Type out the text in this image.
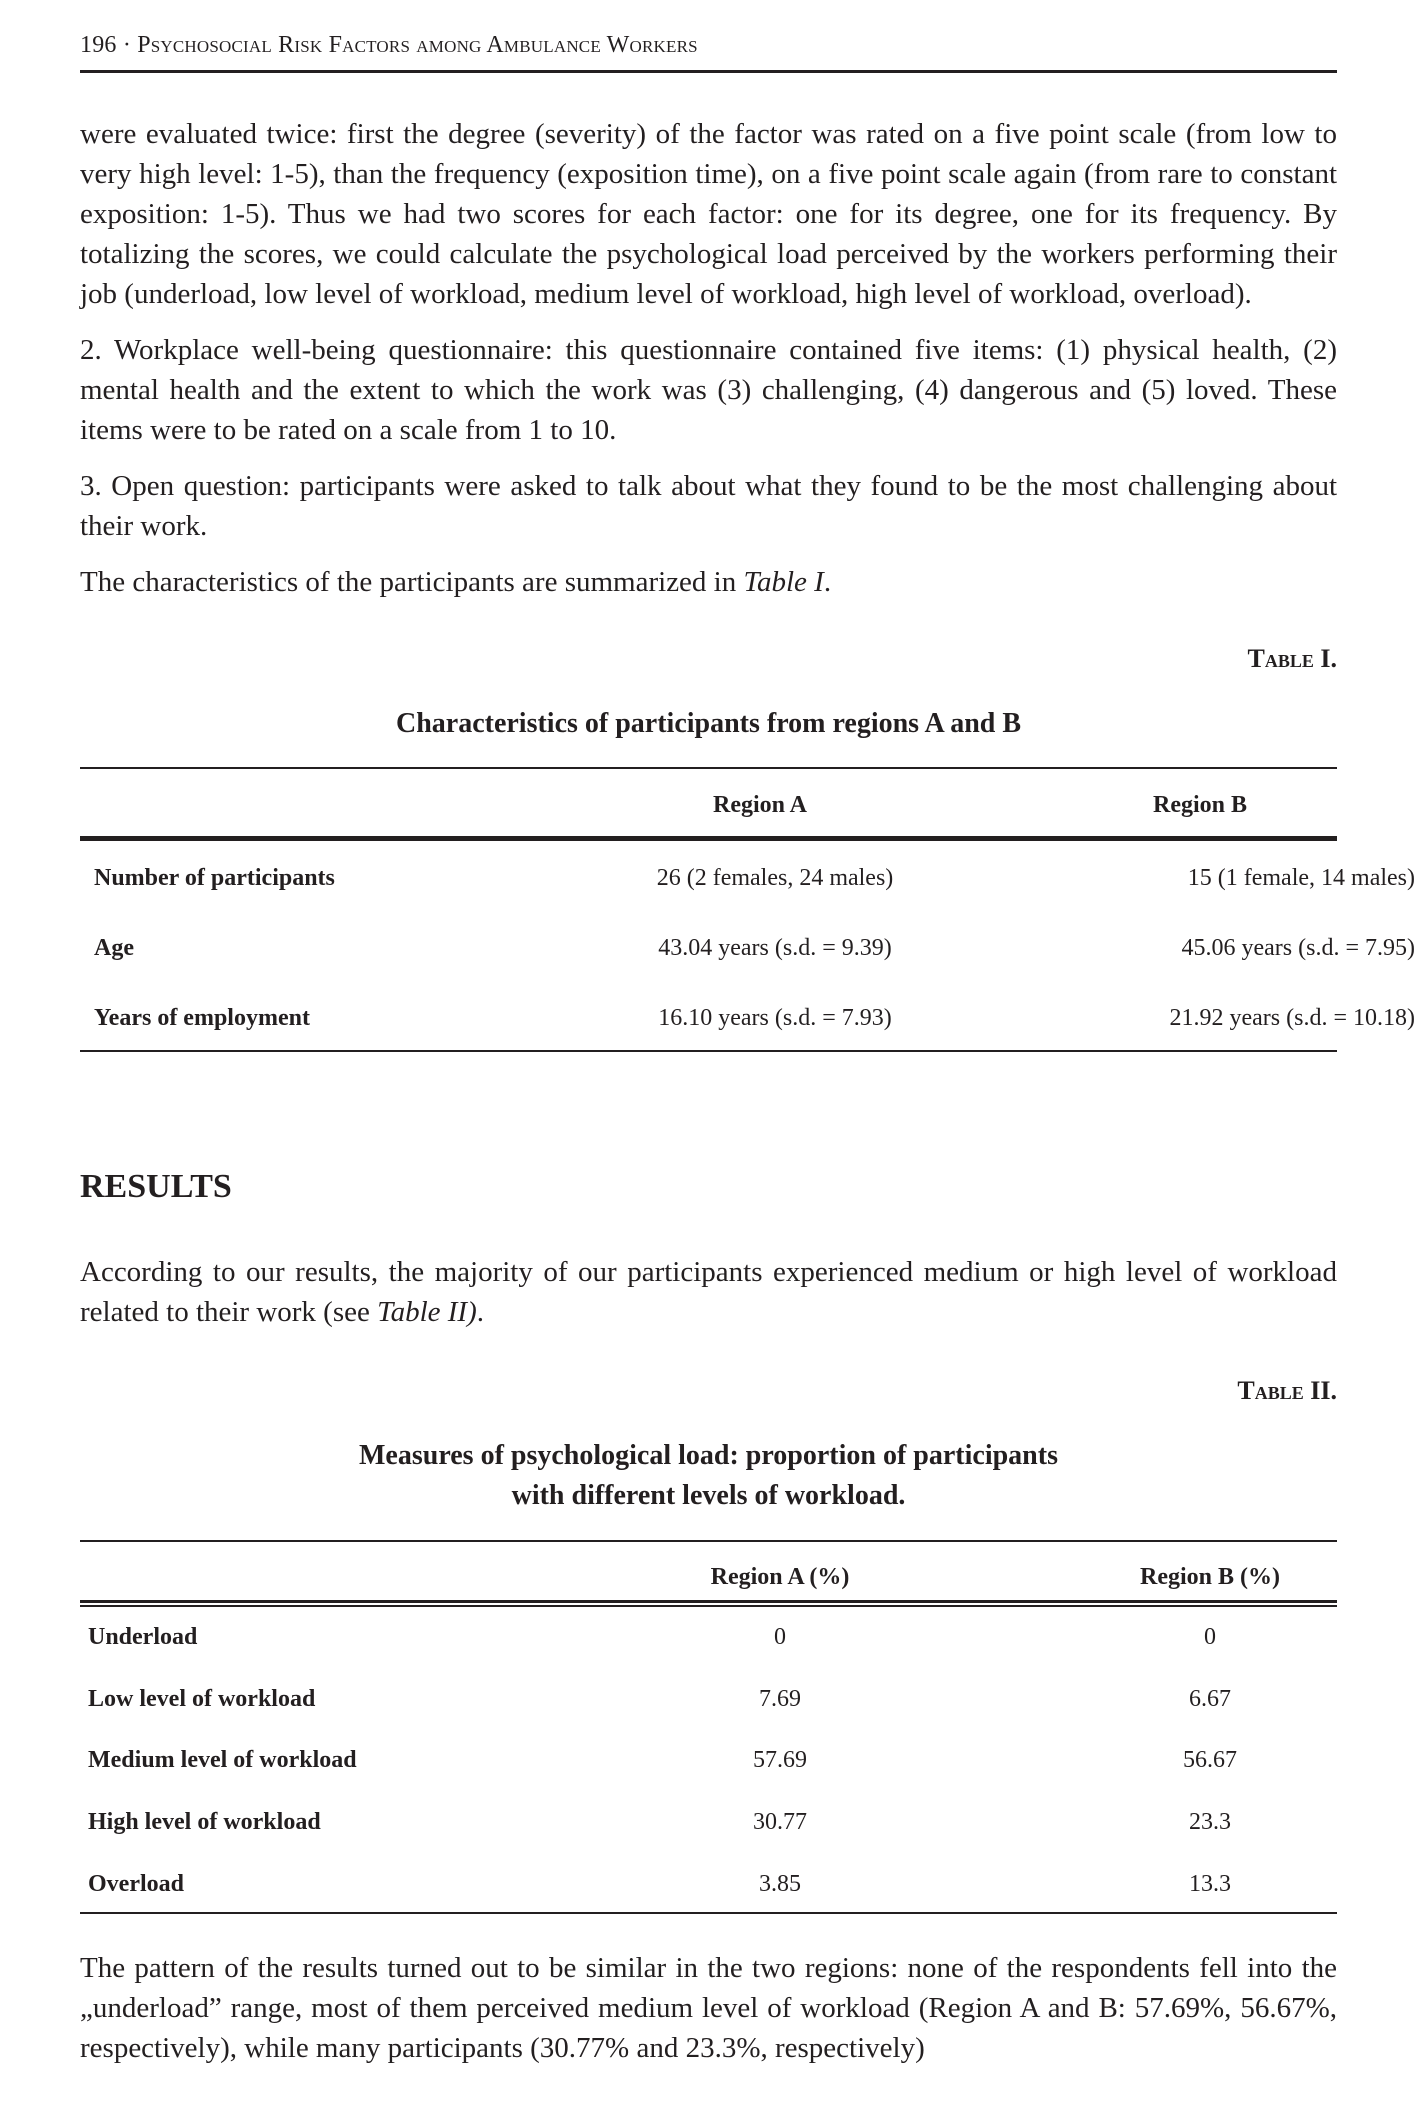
196 · Psychosocial Risk Factors among Ambulance Workers

were evaluated twice: first the degree (severity) of the factor was rated on a five point scale (from low to very high level: 1-5), than the frequency (exposition time), on a five point scale again (from rare to constant exposition: 1-5). Thus we had two scores for each factor: one for its degree, one for its frequency. By totalizing the scores, we could calculate the psychological load perceived by the workers performing their job (underload, low level of workload, medium level of workload, high level of workload, overload).

2. Workplace well-being questionnaire: this questionnaire contained five items: (1) physical health, (2) mental health and the extent to which the work was (3) challenging, (4) dangerous and (5) loved. These items were to be rated on a scale from 1 to 10.

3. Open question: participants were asked to talk about what they found to be the most challenging about their work.

The characteristics of the participants are summarized in Table I.

Table I.
Characteristics of participants from regions A and B
Region A	Region B
Number of participants	26 (2 females, 24 males)	15 (1 female, 14 males)
Age	43.04 years (s.d. = 9.39)	45.06 years (s.d. = 7.95)
Years of employment	16.10 years (s.d. = 7.93)	21.92 years (s.d. = 10.18)
RESULTS
According to our results, the majority of our participants experienced medium or high level of workload related to their work (see Table II).
Table II.
Measures of psychological load: proportion of participants
with different levels of workload.
Region A (%)	Region B (%)
Underload	0	0
Low level of workload	7.69	6.67
Medium level of workload	57.69	56.67
High level of workload	30.77	23.3
Overload	3.85	13.3
The pattern of the results turned out to be similar in the two regions: none of the respondents fell into the „underload” range, most of them perceived medium level of workload (Region A and B: 57.69%, 56.67%, respectively), while many participants (30.77% and 23.3%, respectively)
